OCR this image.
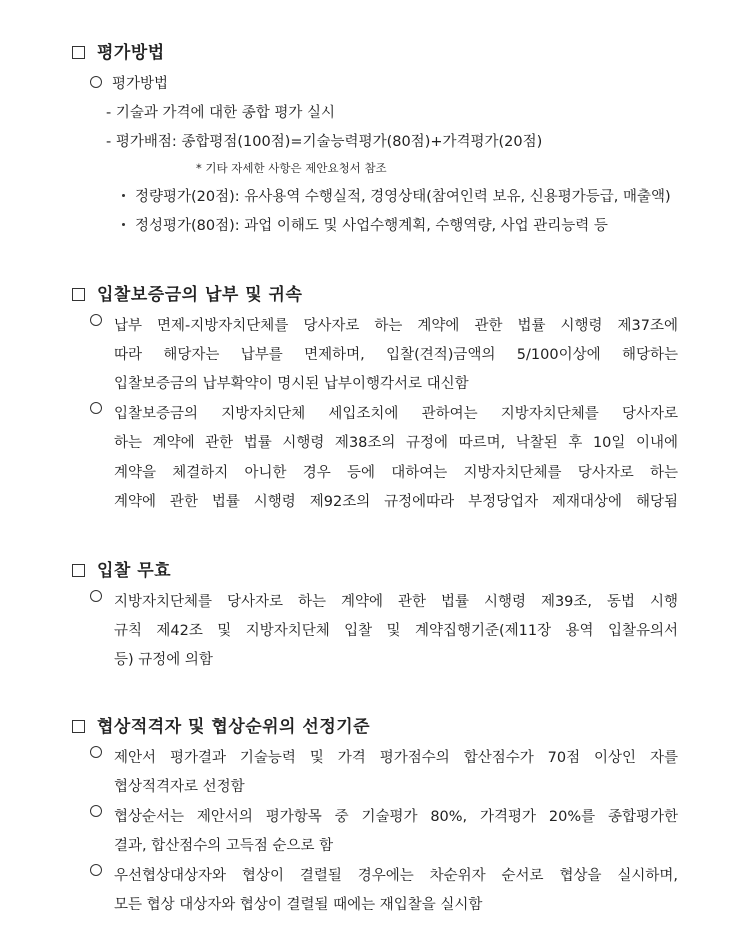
평가방법
평가방법
- 기술과 가격에 대한 종합 평가 실시
- 평가배점: 종합평점(100점)=기술능력평가(80점)+가격평가(20점)
* 기타 자세한 사항은 제안요청서 참조
정량평가(20점): 유사용역 수행실적, 경영상태(참여인력 보유, 신용평가등급, 매출액)
정성평가(80점): 과업 이해도 및 사업수행계획, 수행역량, 사업 관리능력 등
입찰보증금의 납부 및 귀속
납부 면제-지방자치단체를 당사자로 하는 계약에 관한 법률 시행령 제37조에
따라 해당자는 납부를 면제하며, 입찰(견적)금액의 5/100이상에 해당하는
입찰보증금의 납부확약이 명시된 납부이행각서로 대신함
입찰보증금의 지방자치단체 세입조치에 관하여는 지방자치단체를 당사자로
하는 계약에 관한 법률 시행령 제38조의 규정에 따르며, 낙찰된 후 10일 이내에
계약을 체결하지 아니한 경우 등에 대하여는 지방자치단체를 당사자로 하는
계약에 관한 법률 시행령 제92조의 규정에따라 부정당업자 제재대상에 해당됨
입찰 무효
지방자치단체를 당사자로 하는 계약에 관한 법률 시행령 제39조, 동법 시행
규칙 제42조 및 지방자치단체 입찰 및 계약집행기준(제11장 용역 입찰유의서
등) 규정에 의함
협상적격자 및 협상순위의 선정기준
제안서 평가결과 기술능력 및 가격 평가점수의 합산점수가 70점 이상인 자를
협상적격자로 선정함
협상순서는 제안서의 평가항목 중 기술평가 80%, 가격평가 20%를 종합평가한
결과, 합산점수의 고득점 순으로 함
우선협상대상자와 협상이 결렬될 경우에는 차순위자 순서로 협상을 실시하며,
모든 협상 대상자와 협상이 결렬될 때에는 재입찰을 실시함
